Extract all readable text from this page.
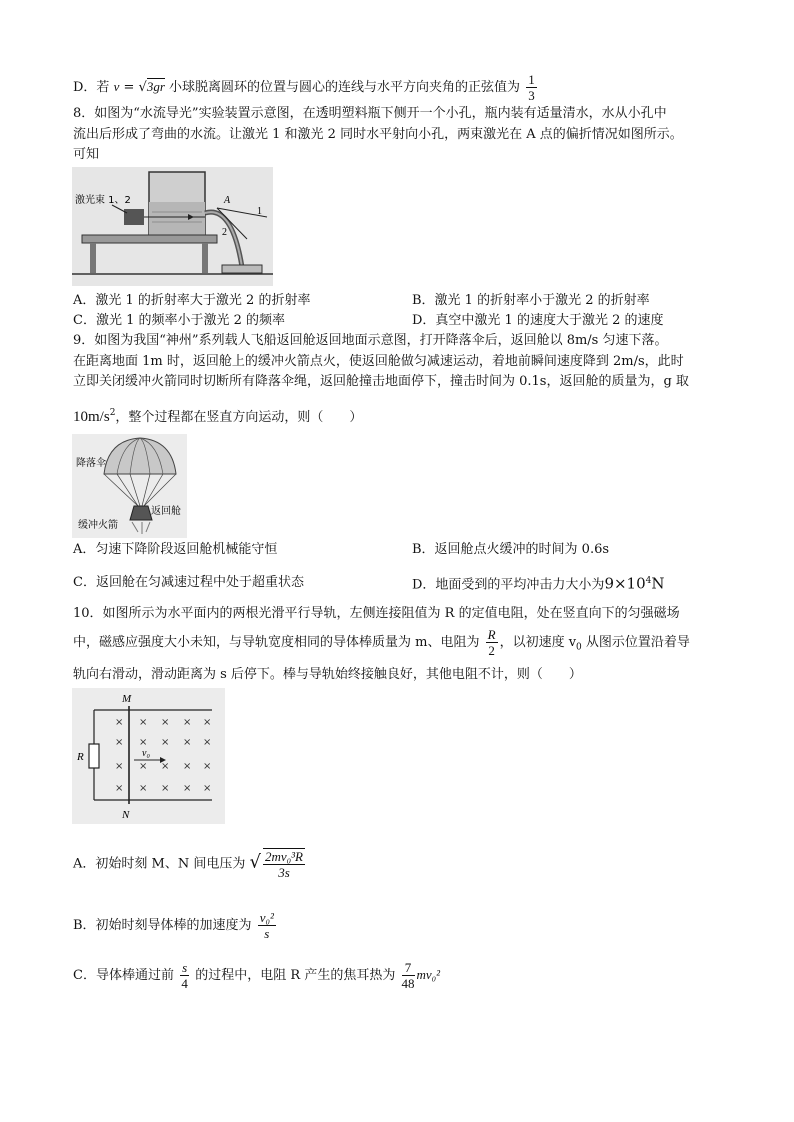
D．若 v = √3gr 小球脱离圆环的位置与圆心的连线与水平方向夹角的正弦值为 $\frac{1}{3}$
8．如图为“水流导光”实验装置示意图，在透明塑料瓶下侧开一个小孔，瓶内装有适量清水，水从小孔中
流出后形成了弯曲的水流。让激光 1 和激光 2 同时水平射向小孔，两束激光在 A 点的偏折情况如图所示。
可知
激光束 1、2	A
1
2
A．激光 1 的折射率大于激光 2 的折射率	B．激光 1 的折射率小于激光 2 的折射率
C．激光 1 的频率小于激光 2 的频率	D．真空中激光 1 的速度大于激光 2 的速度
9．如图为我国“神州”系列载人飞船返回舱返回地面示意图，打开降落伞后，返回舱以 8m/s 匀速下落。
在距离地面 1m 时，返回舱上的缓冲火箭点火，使返回舱做匀减速运动，着地前瞬间速度降到 2m/s，此时
立即关闭缓冲火箭同时切断所有降落伞绳，返回舱撞击地面停下，撞击时间为 0.1s，返回舱的质量为，g 取
$10m/s^2$，整个过程都在竖直方向运动，则（　　）
降落伞
返回舱
缓冲火箭
A．匀速下降阶段返回舱机械能守恒	B．返回舱点火缓冲的时间为 0.6s
C．返回舱在匀减速过程中处于超重状态	D．地面受到的平均冲击力大小为$9\times 10^4N$
10．如图所示为水平面内的两根光滑平行导轨，左侧连接阻值为 R 的定值电阻，处在竖直向下的匀强磁场
中，磁感应强度大小未知，与导轨宽度相同的导体棒质量为 m、电阻为 $\frac{R}{2}$ ，以初速度 $v_0$ 从图示位置沿着导
轨向右滑动，滑动距离为 s 后停下。棒与导轨始终接触良好，其他电阻不计，则（　　）
×
×
×
×
×
×
×
×
×
×
×
×
×
×
×
×
×
×
×
×
v₀
M
N
R
A．初始时刻 M、N 间电压为 √ $\frac{\text{2mv₀³R}}{3s}$
B．初始时刻导体棒的加速度为 $\frac{\text{v₀²}}{s}$
C．导体棒通过前 $\frac{s}{4}$ 的过程中，电阻 R 产生的焦耳热为 $\frac{7}{48} mv_0^2$
